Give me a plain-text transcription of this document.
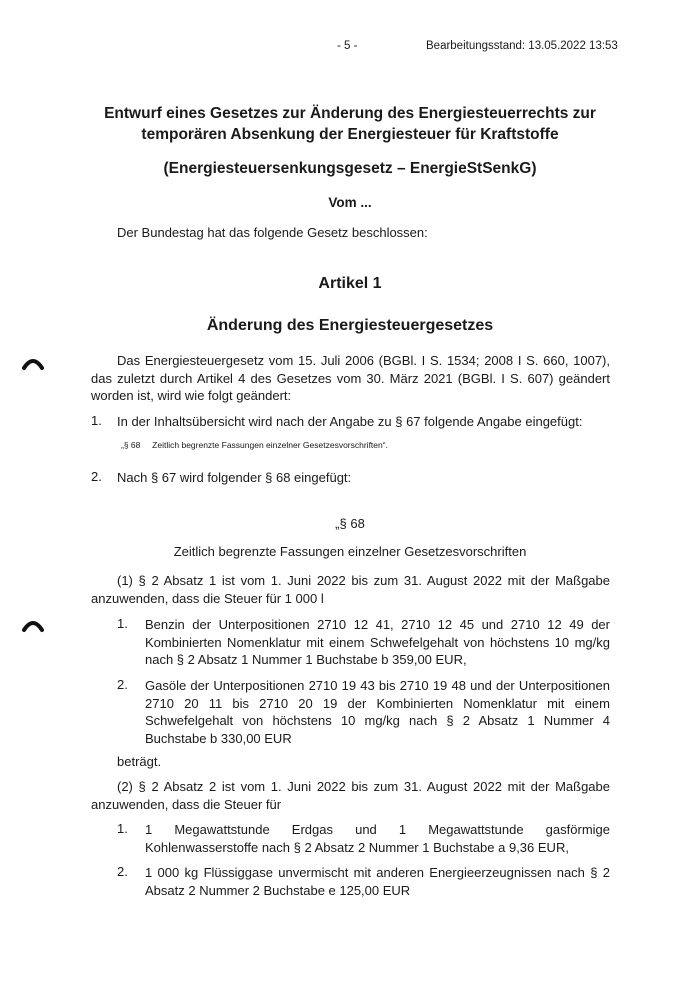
- 5 -	Bearbeitungsstand: 13.05.2022 13:53
Entwurf eines Gesetzes zur Änderung des Energiesteuerrechts zur
temporären Absenkung der Energiesteuer für Kraftstoffe
(Energiesteuersenkungsgesetz – EnergieStSenkG)
Vom ...
Der Bundestag hat das folgende Gesetz beschlossen:
Artikel 1
Änderung des Energiesteuergesetzes
Das Energiesteuergesetz vom 15. Juli 2006 (BGBl. I S. 1534; 2008 I S. 660, 1007), das zuletzt durch Artikel 4 des Gesetzes vom 30. März 2021 (BGBl. I S. 607) geändert worden ist, wird wie folgt geändert:
1. In der Inhaltsübersicht wird nach der Angabe zu § 67 folgende Angabe eingefügt:
„§ 68     Zeitlich begrenzte Fassungen einzelner Gesetzesvorschriften“.
2. Nach § 67 wird folgender § 68 eingefügt:
„§ 68
Zeitlich begrenzte Fassungen einzelner Gesetzesvorschriften
(1) § 2 Absatz 1 ist vom 1. Juni 2022 bis zum 31. August 2022 mit der Maßgabe anzuwenden, dass die Steuer für 1 000 l
1. Benzin der Unterpositionen 2710 12 41, 2710 12 45 und 2710 12 49 der Kombinierten Nomenklatur mit einem Schwefelgehalt von höchstens 10 mg/kg nach § 2 Absatz 1 Nummer 1 Buchstabe b 359,00 EUR,
2. Gasöle der Unterpositionen 2710 19 43 bis 2710 19 48 und der Unterpositionen 2710 20 11 bis 2710 20 19 der Kombinierten Nomenklatur mit einem Schwefelgehalt von höchstens 10 mg/kg nach § 2 Absatz 1 Nummer 4 Buchstabe b 330,00 EUR
beträgt.
(2) § 2 Absatz 2 ist vom 1. Juni 2022 bis zum 31. August 2022 mit der Maßgabe anzuwenden, dass die Steuer für
1. 1 Megawattstunde Erdgas und 1 Megawattstunde gasförmige Kohlenwasserstoffe nach § 2 Absatz 2 Nummer 1 Buchstabe a 9,36 EUR,
2. 1 000 kg Flüssiggase unvermischt mit anderen Energieerzeugnissen nach § 2 Absatz 2 Nummer 2 Buchstabe e 125,00 EUR
